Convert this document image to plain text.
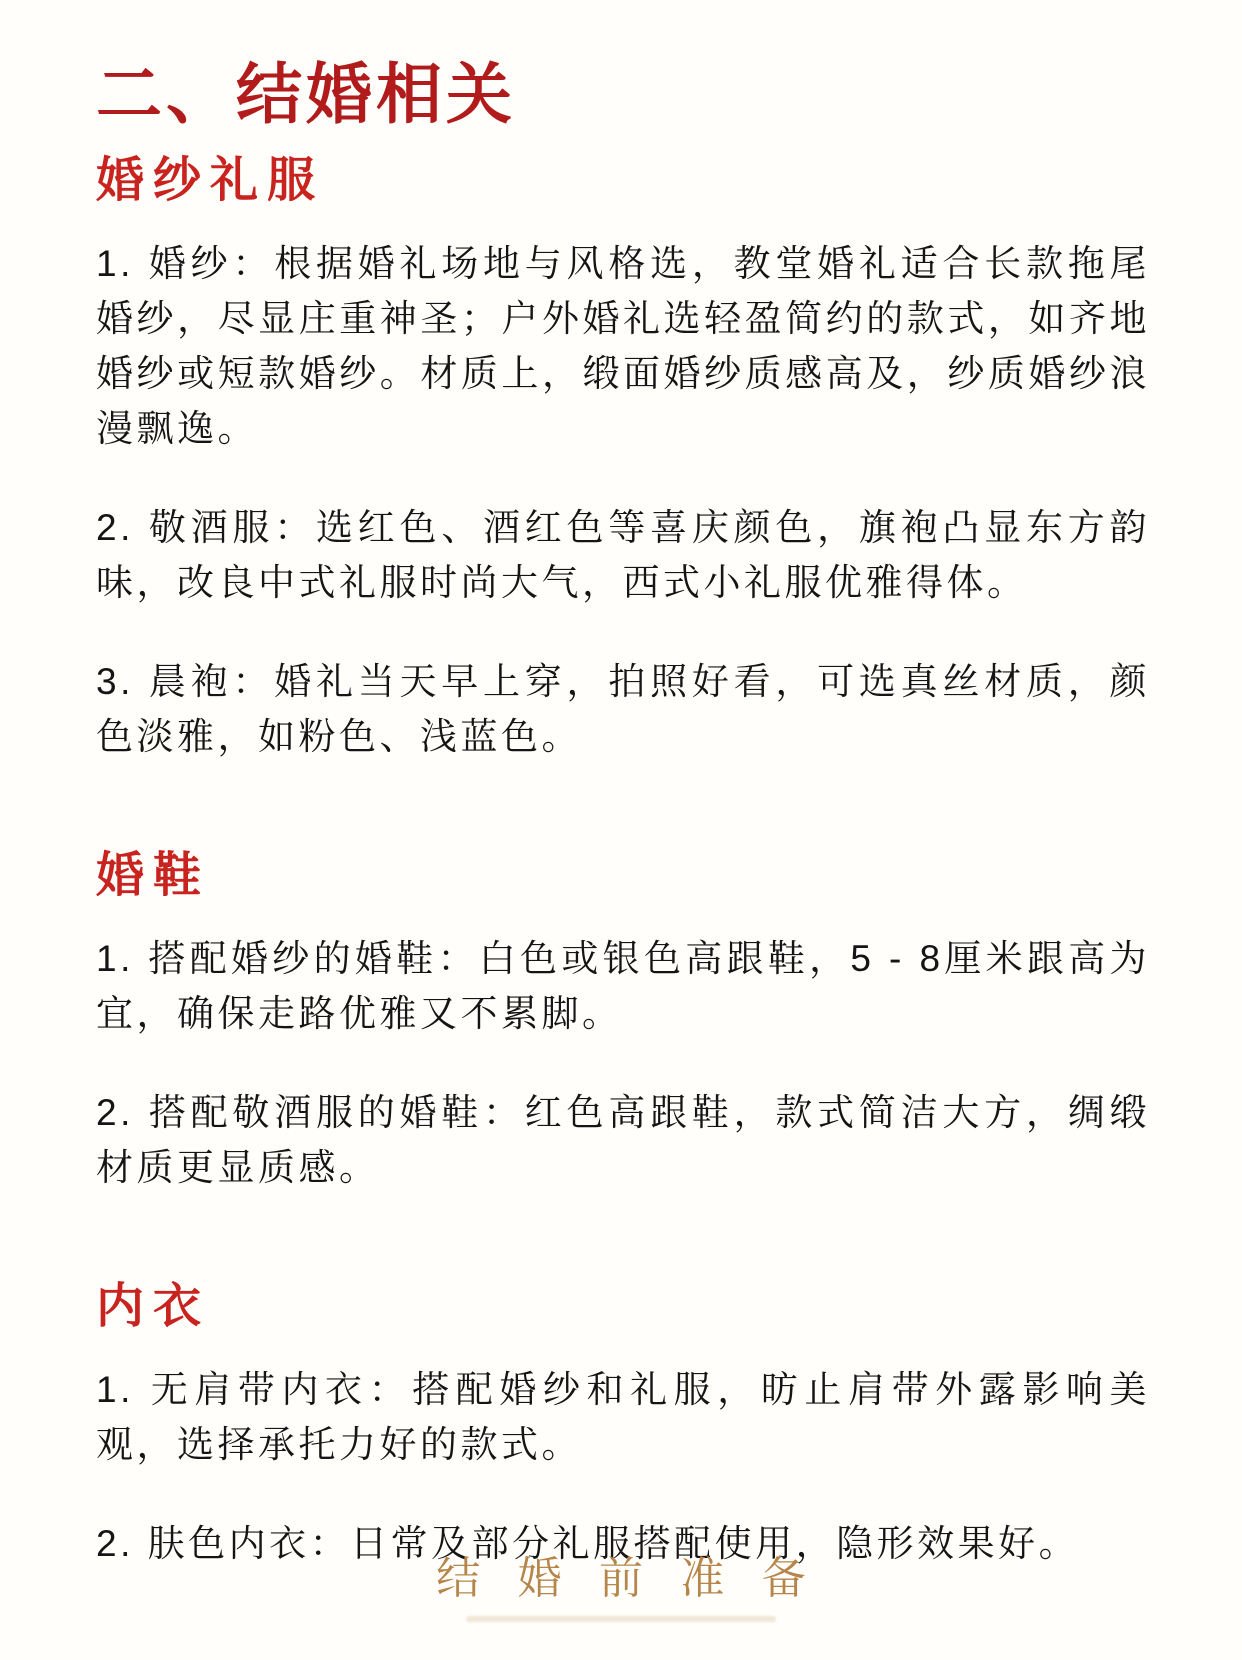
二、结婚相关
婚纱礼服

1. 婚纱：根据婚礼场地与风格选，教堂婚礼适合长款拖尾婚纱，尽显庄重神圣；户外婚礼选轻盈简约的款式，如齐地婚纱或短款婚纱。材质上，缎面婚纱质感高及，纱质婚纱浪漫飘逸。

2. 敬酒服：选红色、酒红色等喜庆颜色，旗袍凸显东方韵味，改良中式礼服时尚大气，西式小礼服优雅得体。

3. 晨袍：婚礼当天早上穿，拍照好看，可选真丝材质，颜色淡雅，如粉色、浅蓝色。

婚鞋

1. 搭配婚纱的婚鞋：白色或银色高跟鞋，5 - 8厘米跟高为宜，确保走路优雅又不累脚。

2. 搭配敬酒服的婚鞋：红色高跟鞋，款式简洁大方，绸缎材质更显质感。

内衣

1. 无肩带内衣：搭配婚纱和礼服，昉止肩带外露影响美观，选择承托力好的款式。

2. 肤色内衣：日常及部分礼服搭配使用，隐形效果好。

结婚前准备
